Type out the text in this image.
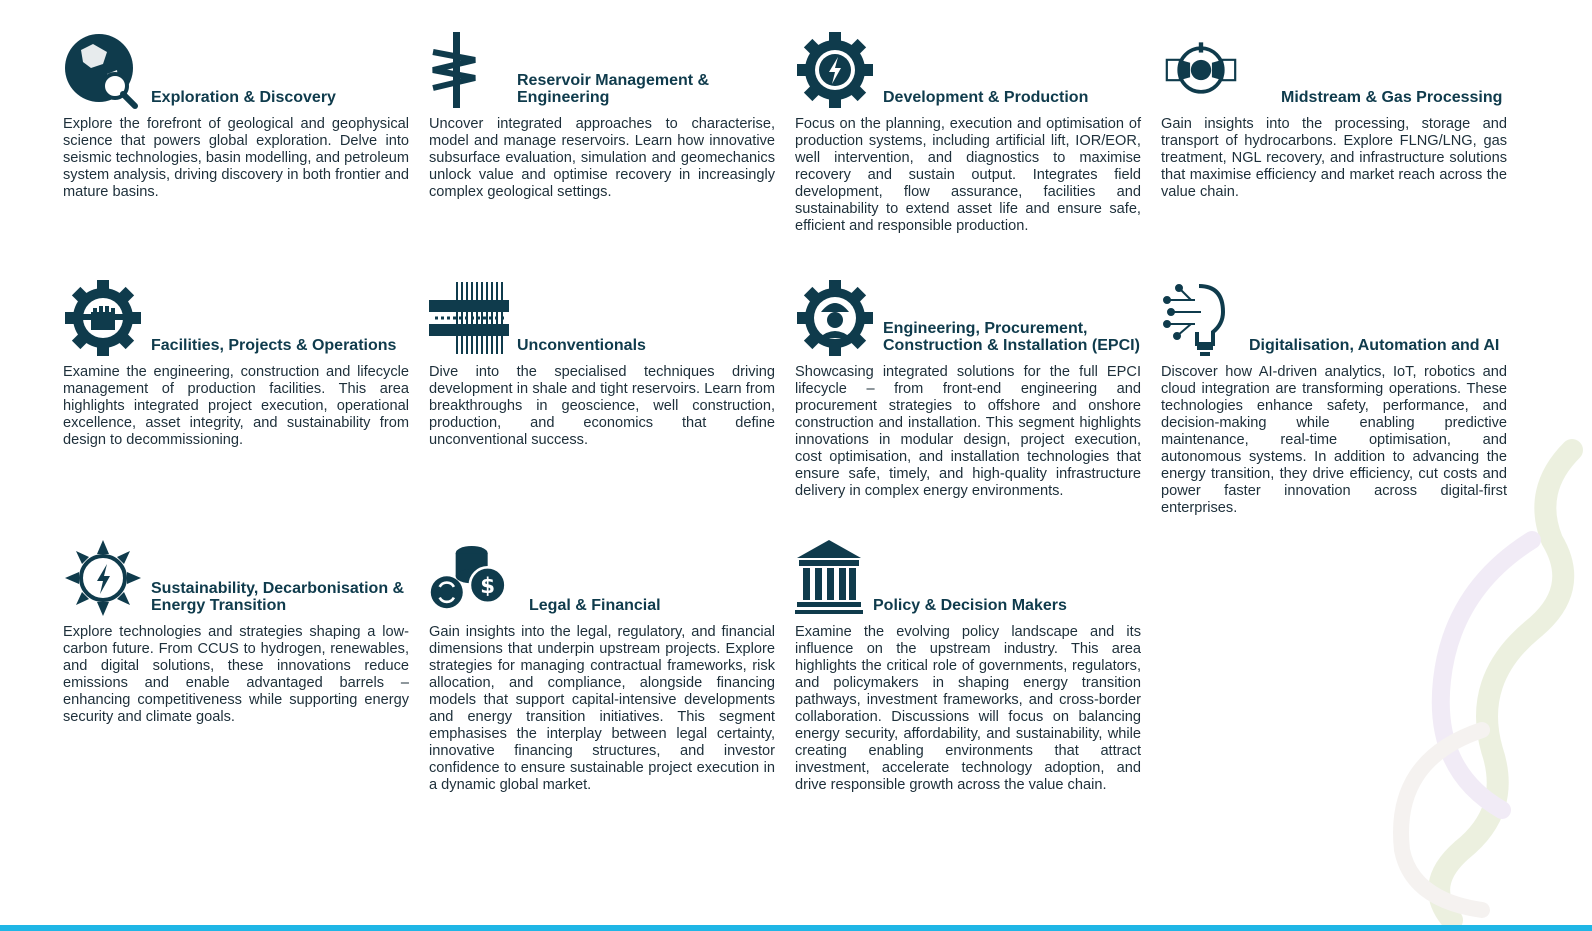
Exploration & Discovery

Explore the forefront of geological and geophysical science that powers global exploration. Delve into seismic technologies, basin modelling, and petroleum system analysis, driving discovery in both frontier and mature basins.

Reservoir Management & Engineering

Uncover integrated approaches to characterise, model and manage reservoirs. Learn how innovative subsurface evaluation, simulation and geomechanics unlock value and optimise recovery in increasingly complex geological settings.

Development & Production

Focus on the planning, execution and optimisation of production systems, including artificial lift, IOR/EOR, well intervention, and diagnostics to maximise recovery and sustain output. Integrates field development, flow assurance, facilities and sustainability to extend asset life and ensure safe, efficient and responsible production.

Midstream & Gas Processing

Gain insights into the processing, storage and transport of hydrocarbons. Explore FLNG/LNG, gas treatment, NGL recovery, and infrastructure solutions that maximise efficiency and market reach across the value chain.

Facilities, Projects & Operations

Examine the engineering, construction and lifecycle management of production facilities. This area highlights integrated project execution, operational excellence, asset integrity, and sustainability from design to decommissioning.

Unconventionals

Dive into the specialised techniques driving development in shale and tight reservoirs. Learn from breakthroughs in geoscience, well construction, production, and economics that define unconventional success.

Engineering, Procurement, Construction & Installation (EPCI)

Showcasing integrated solutions for the full EPCI lifecycle – from front-end engineering and procurement strategies to offshore and onshore construction and installation. This segment highlights innovations in modular design, project execution, cost optimisation, and installation technologies that ensure safe, timely, and high-quality infrastructure delivery in complex energy environments.

Digitalisation, Automation and AI

Discover how AI-driven analytics, IoT, robotics and cloud integration are transforming operations. These technologies enhance safety, performance, and decision-making while enabling predictive maintenance, real-time optimisation, and autonomous systems. In addition to advancing the energy transition, they drive efficiency, cut costs and power faster innovation across digital-first enterprises.

Sustainability, Decarbonisation & Energy Transition

Explore technologies and strategies shaping a low-carbon future. From CCUS to hydrogen, renewables, and digital solutions, these innovations reduce emissions and enable advantaged barrels – enhancing competitiveness while supporting energy security and climate goals.

$
Legal & Financial

Gain insights into the legal, regulatory, and financial dimensions that underpin upstream projects. Explore strategies for managing contractual frameworks, risk allocation, and compliance, alongside financing models that support capital-intensive developments and energy transition initiatives. This segment emphasises the interplay between legal certainty, innovative financing structures, and investor confidence to ensure sustainable project execution in a dynamic global market.

Policy & Decision Makers

Examine the evolving policy landscape and its influence on the upstream industry. This area highlights the critical role of governments, regulators, and policymakers in shaping energy transition pathways, investment frameworks, and cross-border collaboration. Discussions will focus on balancing energy security, affordability, and sustainability, while creating enabling environments that attract investment, accelerate technology adoption, and drive responsible growth across the value chain.
